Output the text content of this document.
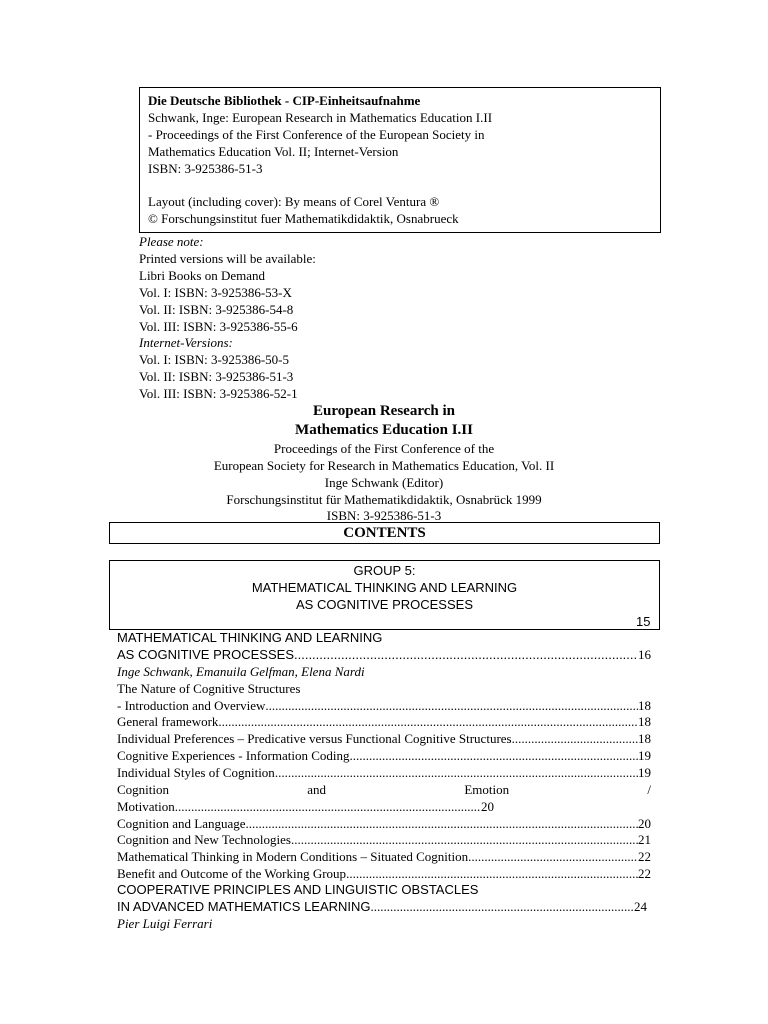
Die Deutsche Bibliothek - CIP-Einheitsaufnahme
Schwank, Inge: European Research in Mathematics Education I.II
- Proceedings of the First Conference of the European Society in
Mathematics Education Vol. II; Internet-Version
ISBN: 3-925386-51-3
Layout (including cover): By means of Corel Ventura ®
© Forschungsinstitut fuer Mathematikdidaktik, Osnabrueck
Please note:
Printed versions will be available:
Libri Books on Demand
Vol. I: ISBN: 3-925386-53-X
Vol. II: ISBN: 3-925386-54-8
Vol. III: ISBN: 3-925386-55-6
Internet-Versions:
Vol. I: ISBN: 3-925386-50-5
Vol. II: ISBN: 3-925386-51-3
Vol. III: ISBN: 3-925386-52-1
European Research in
Mathematics Education I.II
Proceedings of the First Conference of the
European Society for Research in Mathematics Education, Vol. II
Inge Schwank (Editor)
Forschungsinstitut für Mathematikdidaktik, Osnabrück 1999
ISBN: 3-925386-51-3
CONTENTS
GROUP 5:
MATHEMATICAL THINKING AND LEARNING
AS COGNITIVE PROCESSES
15
MATHEMATICAL THINKING AND LEARNING
AS COGNITIVE PROCESSES .....	16
Inge Schwank, Emanuila Gelfman, Elena Nardi
The Nature of Cognitive Structures
- Introduction and Overview .....	18
General framework .....	18
Individual Preferences – Predicative versus Functional Cognitive Structures .....	18
Cognitive Experiences - Information Coding .....	19
Individual Styles of Cognition .....	19
Cognition	and	Emotion	/
Motivation .....	20
Cognition and Language .....	20
Cognition and New Technologies .....	21
Mathematical Thinking in Modern Conditions – Situated Cognition .....	22
Benefit and Outcome of the Working Group .....	22
COOPERATIVE PRINCIPLES AND LINGUISTIC OBSTACLES
IN ADVANCED MATHEMATICS LEARNING .....	24
Pier Luigi Ferrari
